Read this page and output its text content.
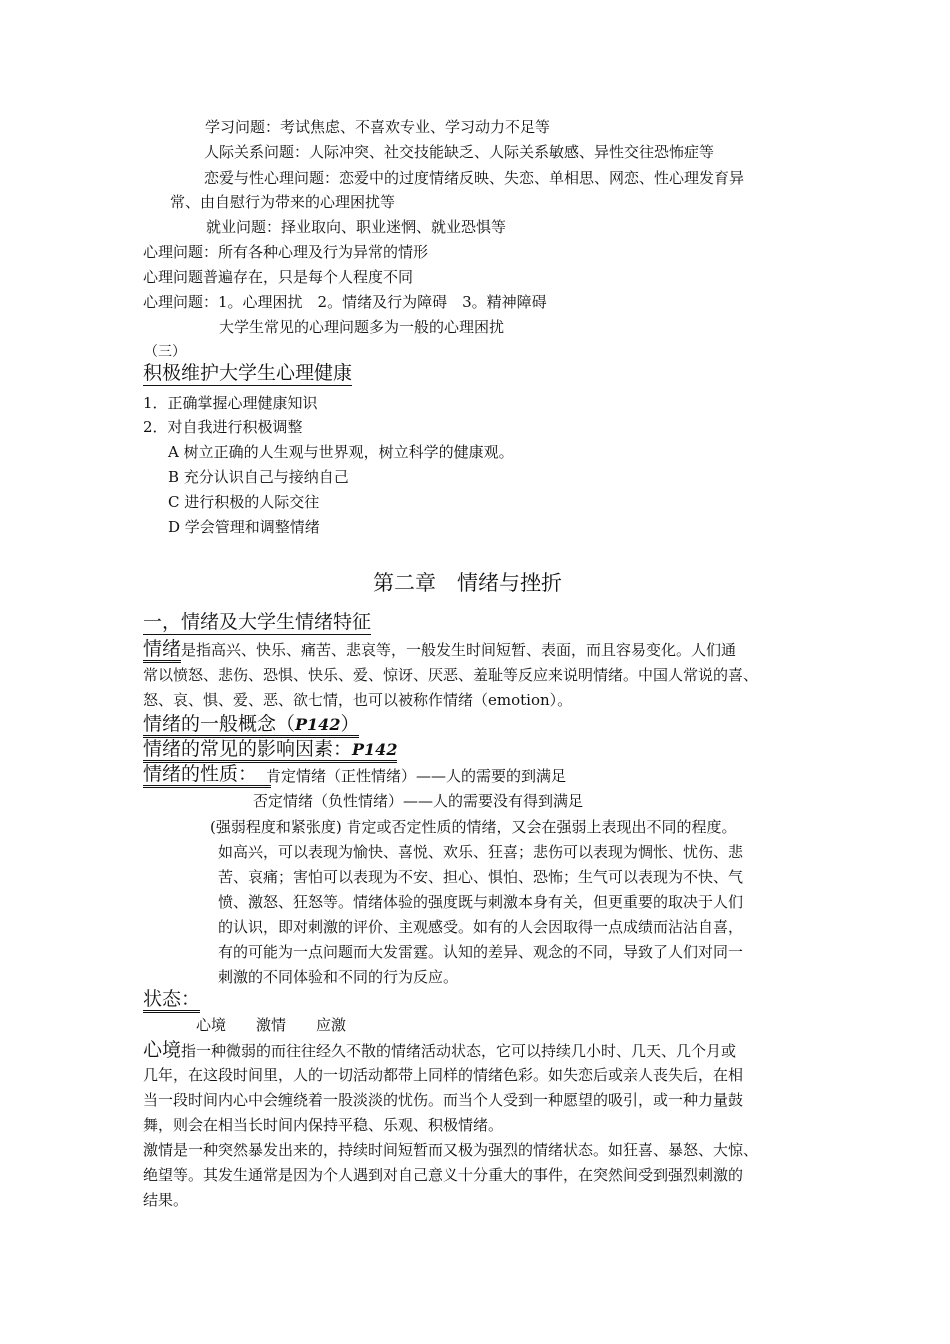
学习问题：考试焦虑、不喜欢专业、学习动力不足等
人际关系问题：人际冲突、社交技能缺乏、人际关系敏感、异性交往恐怖症等
恋爱与性心理问题：恋爱中的过度情绪反映、失恋、单相思、网恋、性心理发育异
常、由自慰行为带来的心理困扰等
就业问题：择业取向、职业迷惘、就业恐惧等
心理问题：所有各种心理及行为异常的情形
心理问题普遍存在，只是每个人程度不同
心理问题：1。心理困扰　2。情绪及行为障碍　3。精神障碍
大学生常见的心理问题多为一般的心理困扰
（三）
积极维护大学生心理健康
1．正确掌握心理健康知识
2．对自我进行积极调整
A 树立正确的人生观与世界观，树立科学的健康观。
B 充分认识自己与接纳自己
C 进行积极的人际交往
D 学会管理和调整情绪
第二章　情绪与挫折
一，情绪及大学生情绪特征
情绪是指高兴、快乐、痛苦、悲哀等，一般发生时间短暂、表面，而且容易变化。人们通
常以愤怒、悲伤、恐惧、快乐、爱、惊讶、厌恶、羞耻等反应来说明情绪。中国人常说的喜、
怒、哀、惧、爱、恶、欲七情，也可以被称作情绪（emotion）。
情绪的一般概念（P142）
情绪的常见的影响因素：P142
情绪的性质： 肯定情绪（正性情绪）——人的需要的到满足
否定情绪（负性情绪）——人的需要没有得到满足
(强弱程度和紧张度) 肯定或否定性质的情绪，又会在强弱上表现出不同的程度。
如高兴，可以表现为愉快、喜悦、欢乐、狂喜；悲伤可以表现为惆怅、忧伤、悲
苦、哀痛；害怕可以表现为不安、担心、惧怕、恐怖；生气可以表现为不快、气
愤、激怒、狂怒等。情绪体验的强度既与刺激本身有关，但更重要的取决于人们
的认识，即对刺激的评价、主观感受。如有的人会因取得一点成绩而沾沾自喜，
有的可能为一点问题而大发雷霆。认知的差异、观念的不同，导致了人们对同一
刺激的不同体验和不同的行为反应。
状态：
心境　　激情　　应激
心境指一种微弱的而往往经久不散的情绪活动状态，它可以持续几小时、几天、几个月或
几年，在这段时间里，人的一切活动都带上同样的情绪色彩。如失恋后或亲人丧失后，在相
当一段时间内心中会缠绕着一股淡淡的忧伤。而当个人受到一种愿望的吸引，或一种力量鼓
舞，则会在相当长时间内保持平稳、乐观、积极情绪。
激情是一种突然暴发出来的，持续时间短暂而又极为强烈的情绪状态。如狂喜、暴怒、大惊、
绝望等。其发生通常是因为个人遇到对自己意义十分重大的事件，在突然间受到强烈刺激的
结果。
